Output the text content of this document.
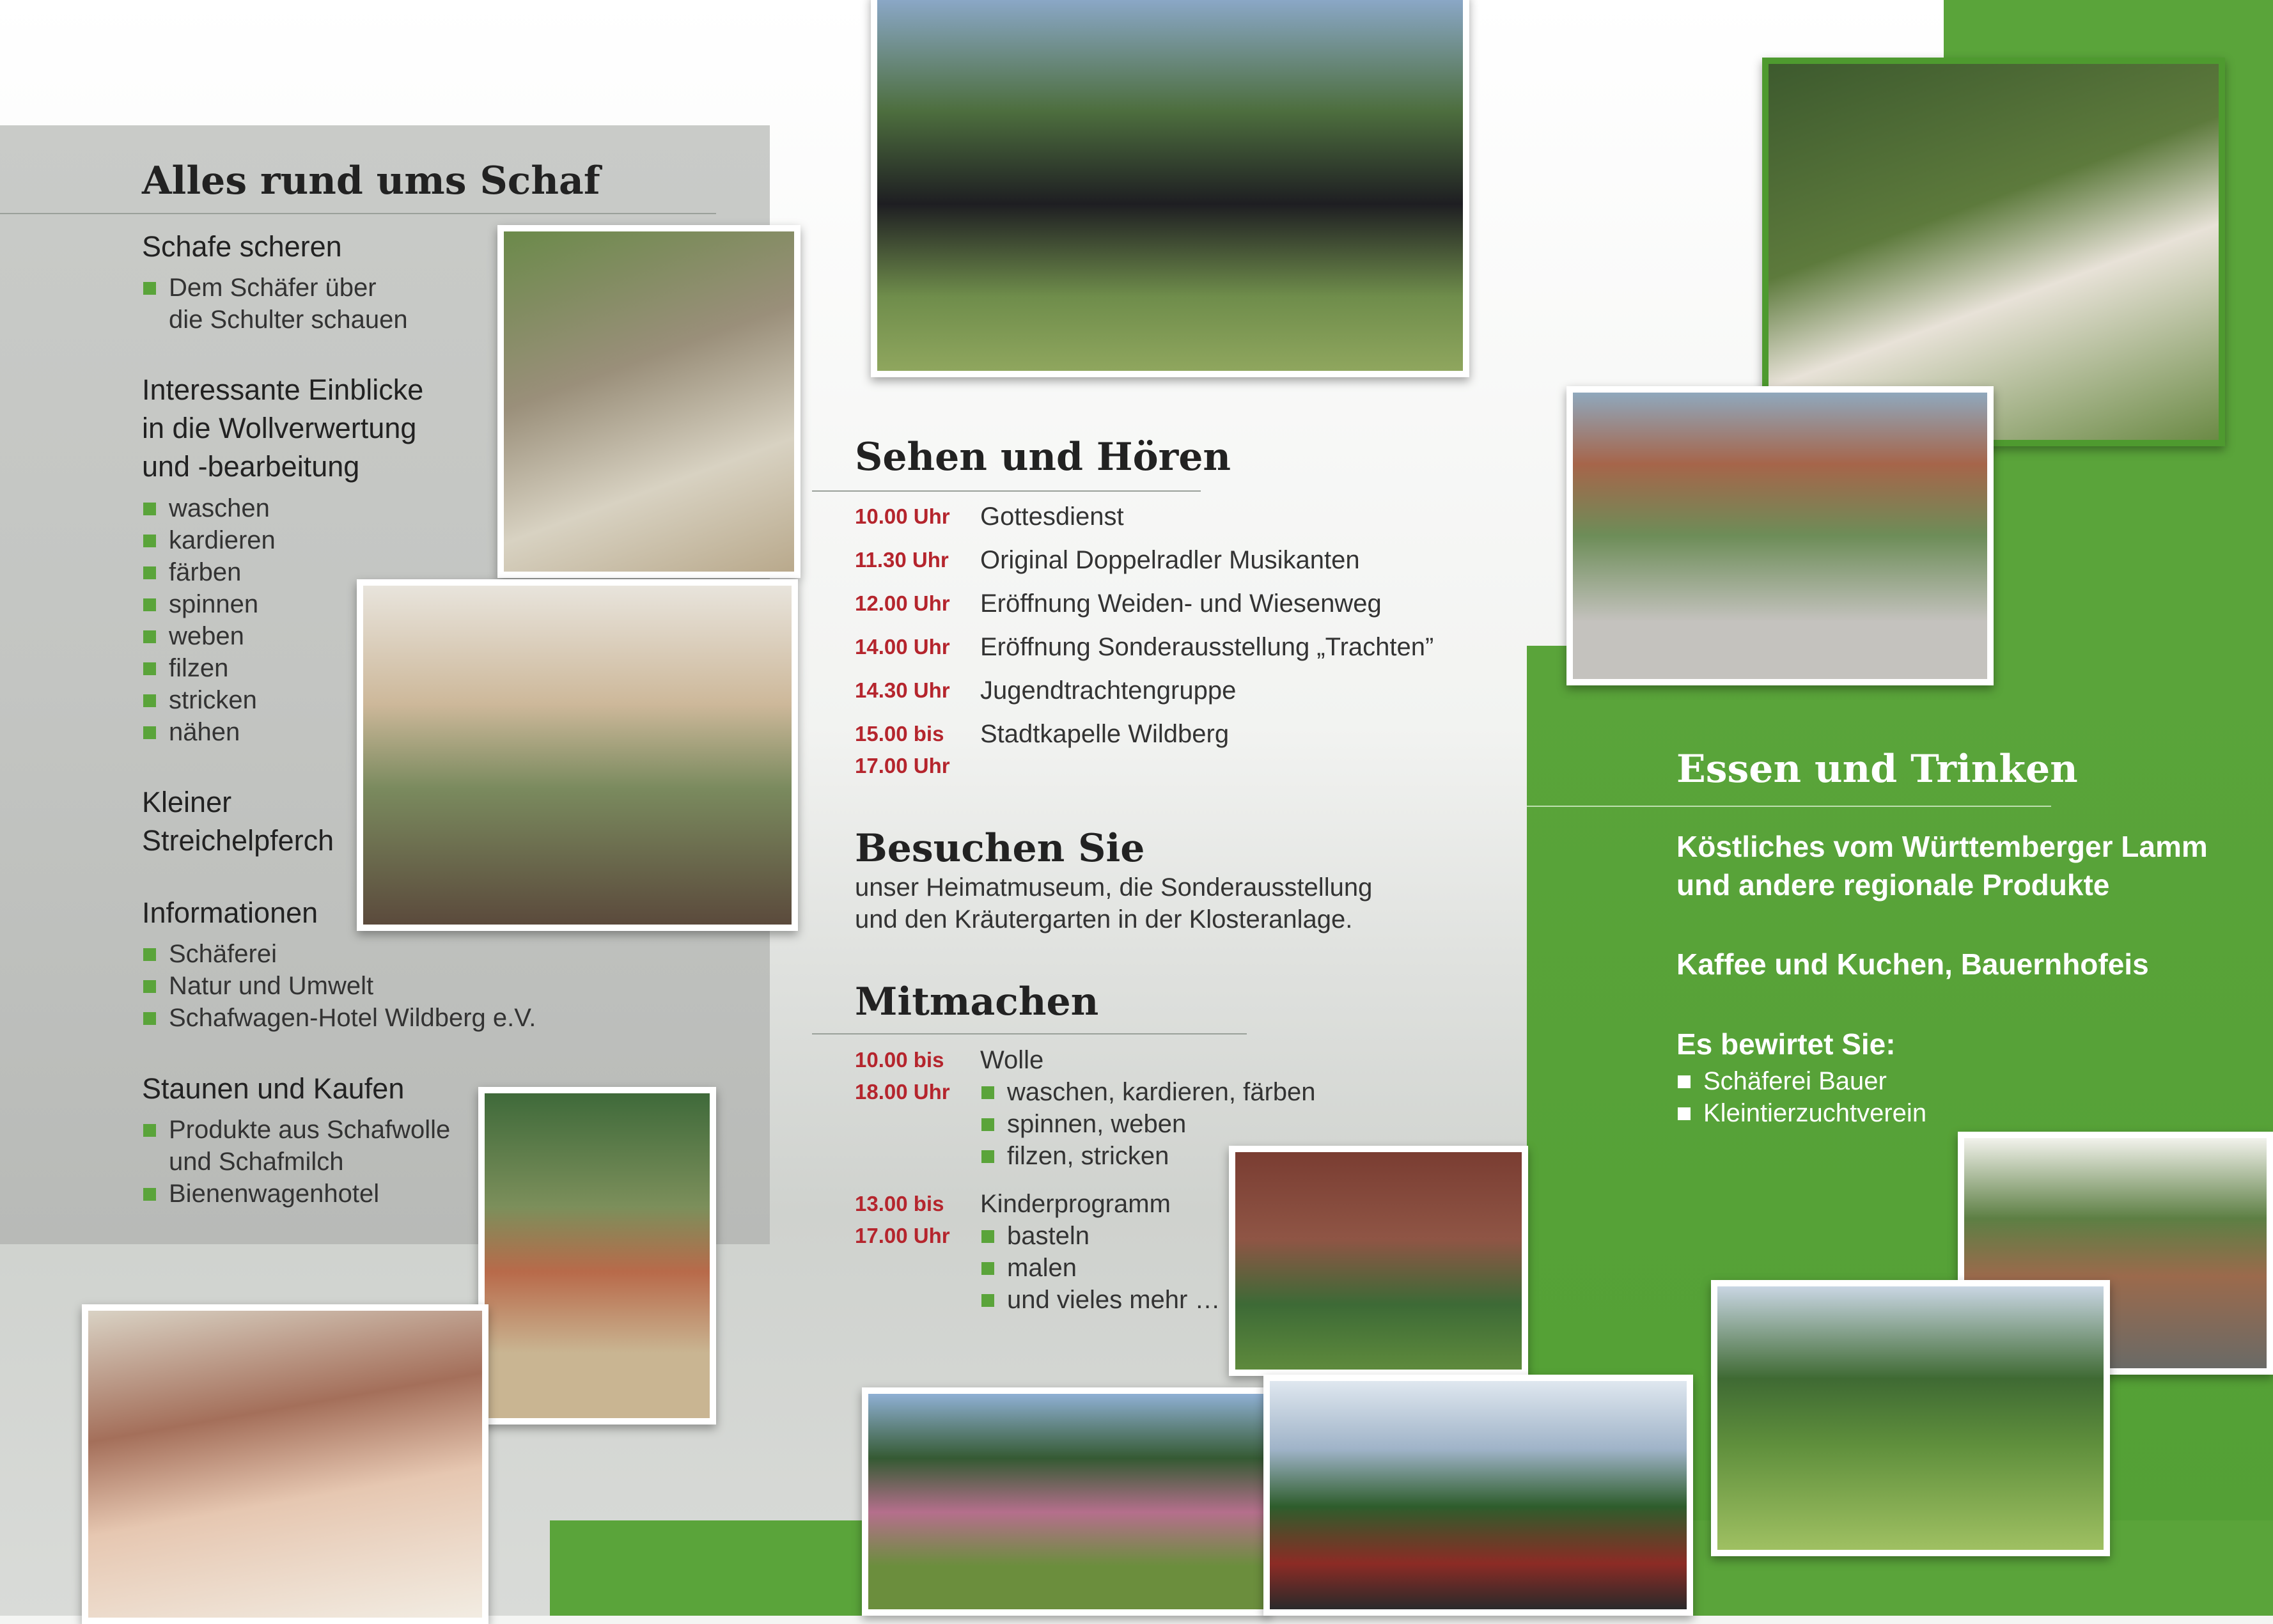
Alles rund ums Schaf
Schafe scheren
Dem Schäfer über
die Schulter schauen
Interessante Einblicke
in die Wollverwertung
und -bearbeitung
waschen
kardieren
färben
spinnen
weben
filzen
stricken
nähen
Kleiner
Streichelpferch
Informationen
Schäferei
Natur und Umwelt
Schafwagen-Hotel Wildberg e.V.
Staunen und Kaufen
Produkte aus Schafwolle
und Schafmilch
Bienenwagenhotel
Sehen und Hören
10.00 Uhr Gottesdienst
11.30 Uhr Original Doppelradler Musikanten
12.00 Uhr Eröffnung Weiden- und Wiesenweg
14.00 Uhr Eröffnung Sonderausstellung „Trachten”
14.30 Uhr Jugendtrachtengruppe
15.00 bis
17.00 Uhr
Stadtkapelle Wildberg
Besuchen Sie
unser Heimatmuseum, die Sonderausstellung
und den Kräutergarten in der Klosteranlage.
Mitmachen
10.00 bis
18.00 Uhr
Wolle
waschen, kardieren, färben
spinnen, weben
filzen, stricken
13.00 bis
17.00 Uhr
Kinderprogramm
basteln
malen
und vieles mehr …
Essen und Trinken
Köstliches vom Württemberger Lamm
und andere regionale Produkte
Kaffee und Kuchen, Bauernhofeis
Es bewirtet Sie:
Schäferei Bauer
Kleintierzuchtverein
